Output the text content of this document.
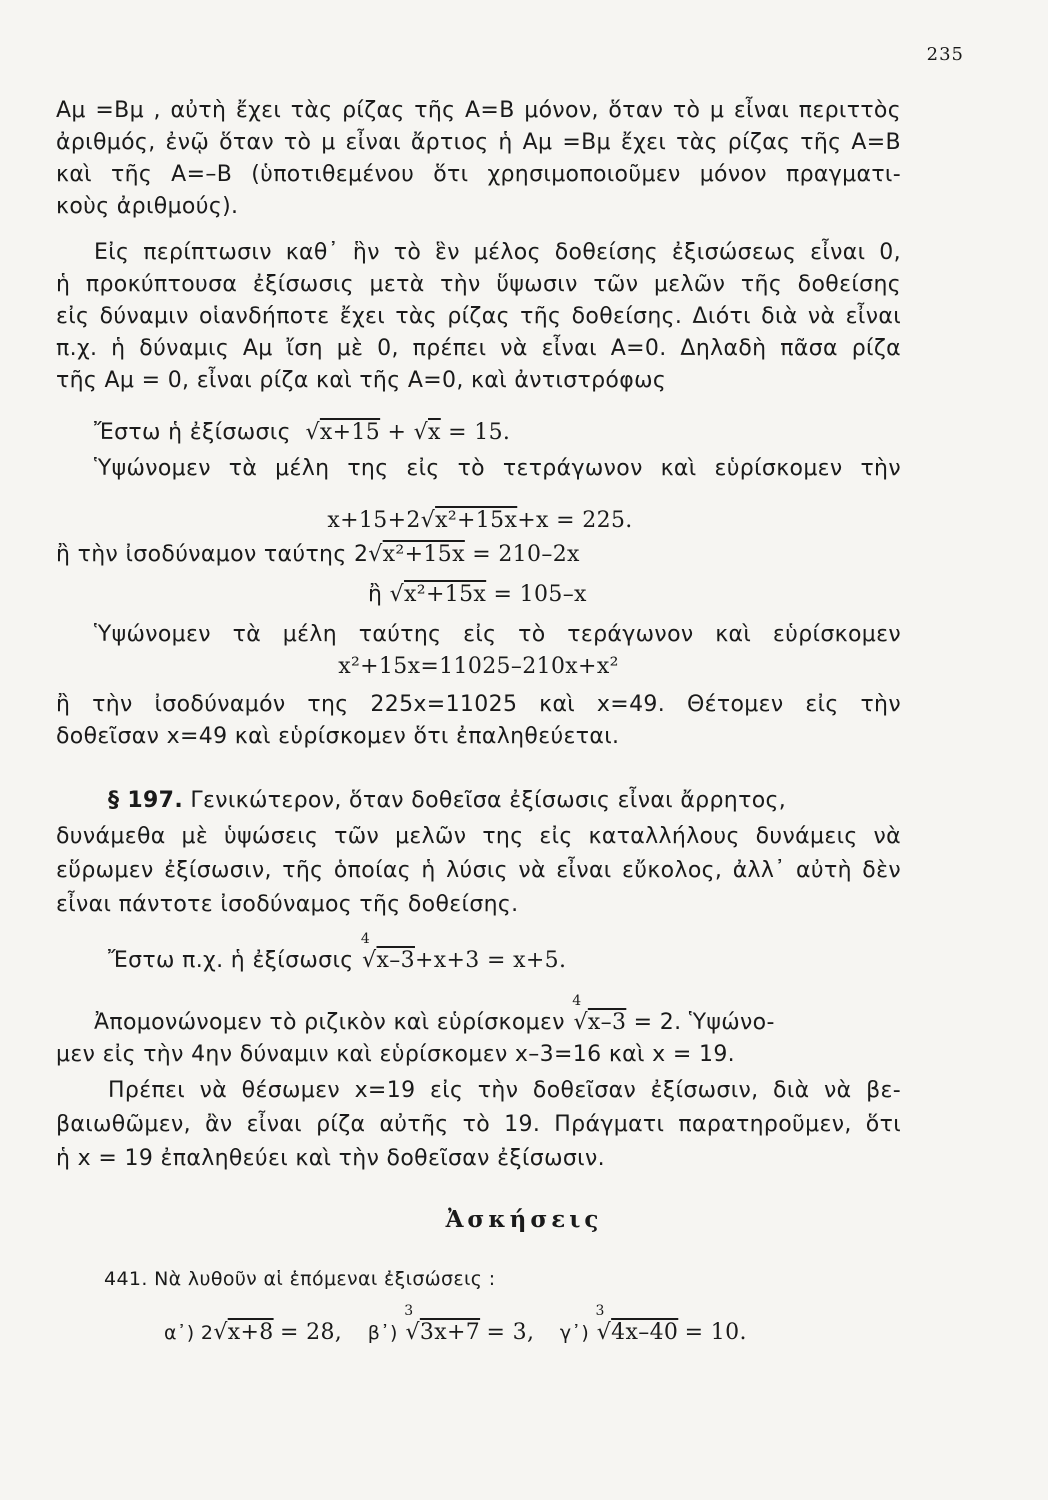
235
Aμ =Bμ , αὐτὴ ἔχει τὰς ρίζας τῆς A=B μόνον, ὅταν τὸ μ εἶναι περιττὸς
ἀριθμός, ἐνῷ ὅταν τὸ μ εἶναι ἄρτιος ἡ Aμ =Bμ ἔχει τὰς ρίζας τῆς A=B
καὶ τῆς A=–B (ὑποτιθεμένου ὅτι χρησιμοποιοῦμεν μόνον πραγματι-
κοὺς ἀριθμούς).
Εἰς περίπτωσιν καθ᾽ ἣν τὸ ἓν μέλος δοθείσης ἐξισώσεως εἶναι 0,
ἡ προκύπτουσα ἐξίσωσις μετὰ τὴν ὕψωσιν τῶν μελῶν τῆς δοθείσης
εἰς δύναμιν οἱανδήποτε ἔχει τὰς ρίζας τῆς δοθείσης. Διότι διὰ νὰ εἶναι
π.χ. ἡ δύναμις Aμ ἴση μὲ 0, πρέπει νὰ εἶναι A=0. Δηλαδὴ πᾶσα ρίζα
τῆς Aμ = 0, εἶναι ρίζα καὶ τῆς A=0, καὶ ἀντιστρόφως
Ἔστω ἡ ἐξίσωσις  √x+15 + √x = 15.
Ὑψώνομεν τὰ μέλη της εἰς τὸ τετράγωνον καὶ εὑρίσκομεν τὴν
x+15+2√x²+15x+x = 225.
ἢ τὴν ἰσοδύναμον ταύτης 2√x²+15x = 210–2x
ἢ √x²+15x = 105–x
Ὑψώνομεν τὰ μέλη ταύτης εἰς τὸ τεράγωνον καὶ εὑρίσκομεν
x²+15x=11025–210x+x²
ἢ τὴν ἰσοδύναμόν της 225x=11025 καὶ x=49. Θέτομεν εἰς τὴν
δοθεῖσαν x=49 καὶ εὑρίσκομεν ὅτι ἐπαληθεύεται.
§ 197. Γενικώτερον, ὅταν δοθεῖσα ἐξίσωσις εἶναι ἄρρητος,
δυνάμεθα μὲ ὑψώσεις τῶν μελῶν της εἰς καταλλήλους δυνάμεις νὰ
εὕρωμεν ἐξίσωσιν, τῆς ὁποίας ἡ λύσις νὰ εἶναι εὔκολος, ἀλλ᾽ αὐτὴ δὲν
εἶναι πάντοτε ἰσοδύναμος τῆς δοθείσης.
Ἔστω π.χ. ἡ ἐξίσωσις $^4$√x–3+x+3 = x+5.
Ἀπομονώνομεν τὸ ριζικὸν καὶ εὑρίσκομεν $^4$√x–3 = 2. Ὑψώνο-
μεν εἰς τὴν 4ην δύναμιν καὶ εὑρίσκομεν x–3=16 καὶ x = 19.
Πρέπει νὰ θέσωμεν x=19 εἰς τὴν δοθεῖσαν ἐξίσωσιν, διὰ νὰ βε-
βαιωθῶμεν, ἂν εἶναι ρίζα αὐτῆς τὸ 19. Πράγματι παρατηροῦμεν, ὅτι
ἡ x = 19 ἐπαληθεύει καὶ τὴν δοθεῖσαν ἐξίσωσιν.
Ἀσκήσεις
441. Νὰ λυθοῦν αἱ ἑπόμεναι ἐξισώσεις :
α᾽) 2√x+8 = 28, β᾽) $^3$√3x+7 = 3, γ᾽) $^3$√4x–40 = 10.
